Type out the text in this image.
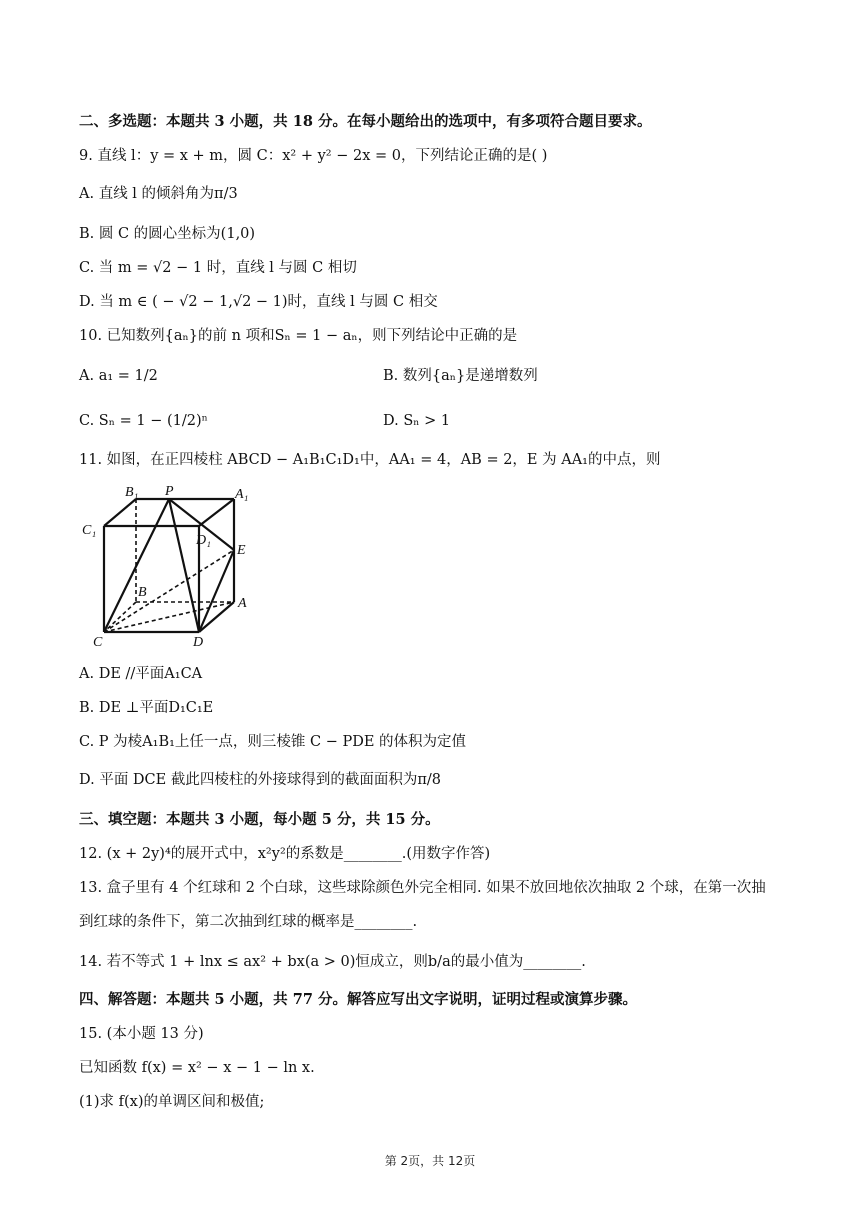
二、多选题：本题共 3 小题，共 18 分。在每小题给出的选项中，有多项符合题目要求。
9. 直线 l：y = x + m，圆 C：x² + y² − 2x = 0，下列结论正确的是( )
A. 直线 l 的倾斜角为π/3
B. 圆 C 的圆心坐标为(1,0)
C. 当 m = √2 − 1 时，直线 l 与圆 C 相切
D. 当 m ∈ ( − √2 − 1,√2 − 1)时，直线 l 与圆 C 相交
10. 已知数列{aₙ}的前 n 项和Sₙ = 1 − aₙ，则下列结论中正确的是
A. a₁ = 1/2	B. 数列{aₙ}是递增数列
C. Sₙ = 1 − (1/2)ⁿ	D. Sₙ > 1
11. 如图，在正四棱柱 ABCD − A₁B₁C₁D₁中，AA₁ = 4，AB = 2，E 为 AA₁的中点，则
B₁ P	A₁
C₁
D₁
E
B
A
C	D
A. DE //平面A₁CA
B. DE ⊥平面D₁C₁E
C. P 为棱A₁B₁上任一点，则三棱锥 C − PDE 的体积为定值
D. 平面 DCE 截此四棱柱的外接球得到的截面面积为π/8
三、填空题：本题共 3 小题，每小题 5 分，共 15 分。
12. (x + 2y)⁴的展开式中，x²y²的系数是________.(用数字作答)
13. 盒子里有 4 个红球和 2 个白球，这些球除颜色外完全相同. 如果不放回地依次抽取 2 个球，在第一次抽
到红球的条件下，第二次抽到红球的概率是________.
14. 若不等式 1 + lnx ≤ ax² + bx(a > 0)恒成立，则b/a的最小值为________.
四、解答题：本题共 5 小题，共 77 分。解答应写出文字说明，证明过程或演算步骤。
15. (本小题 13 分)
已知函数 f(x) = x² − x − 1 − ln x.
(1)求 f(x)的单调区间和极值;
第 2页，共 12页
